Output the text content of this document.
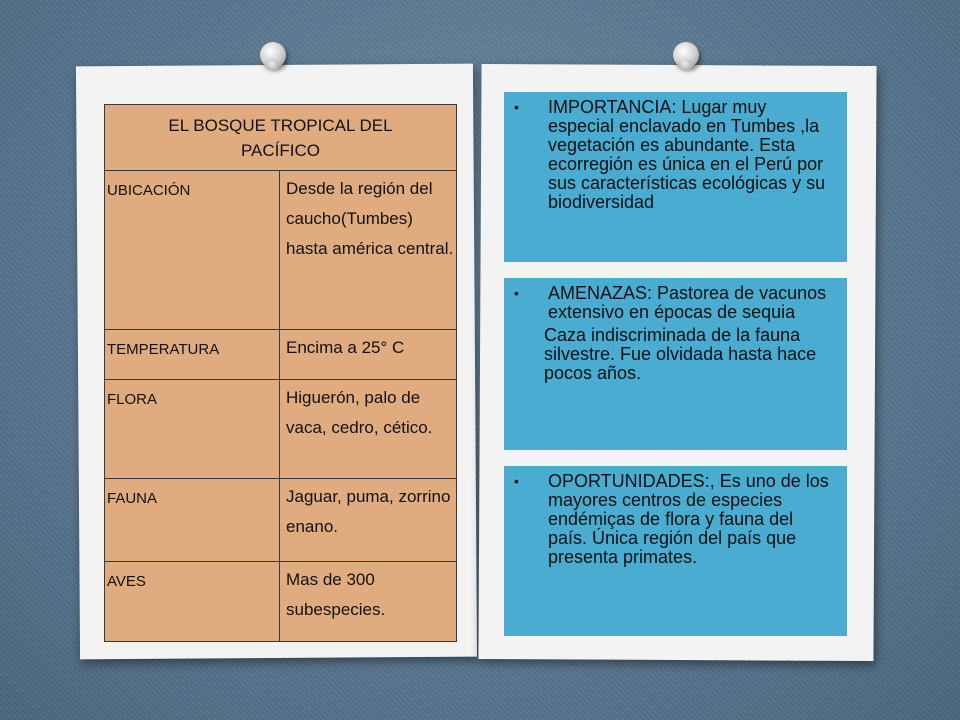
EL BOSQUE TROPICAL DEL PACÍFICO
UBICACIÓN	Desde la región del caucho(Tumbes) hasta américa central.
TEMPERATURA	Encima a 25° C
FLORA	Higuerón, palo de vaca, cedro, cético.
FAUNA	Jaguar, puma, zorrino enano.
AVES	Mas de 300 subespecies.
•	IMPORTANCIA: Lugar muy especial enclavado en Tumbes ,la vegetación es abundante. Esta ecorregión es única en el Perú por sus características ecológicas y su biodiversidad
•	AMENAZAS: Pastorea de vacunos extensivo en épocas de sequia
Caza indiscriminada de la fauna silvestre. Fue olvidada hasta hace pocos años.
•	OPORTUNIDADES:, Es uno de los mayores centros de especies endémiças de flora y fauna del país. Única región del país que presenta primates.
